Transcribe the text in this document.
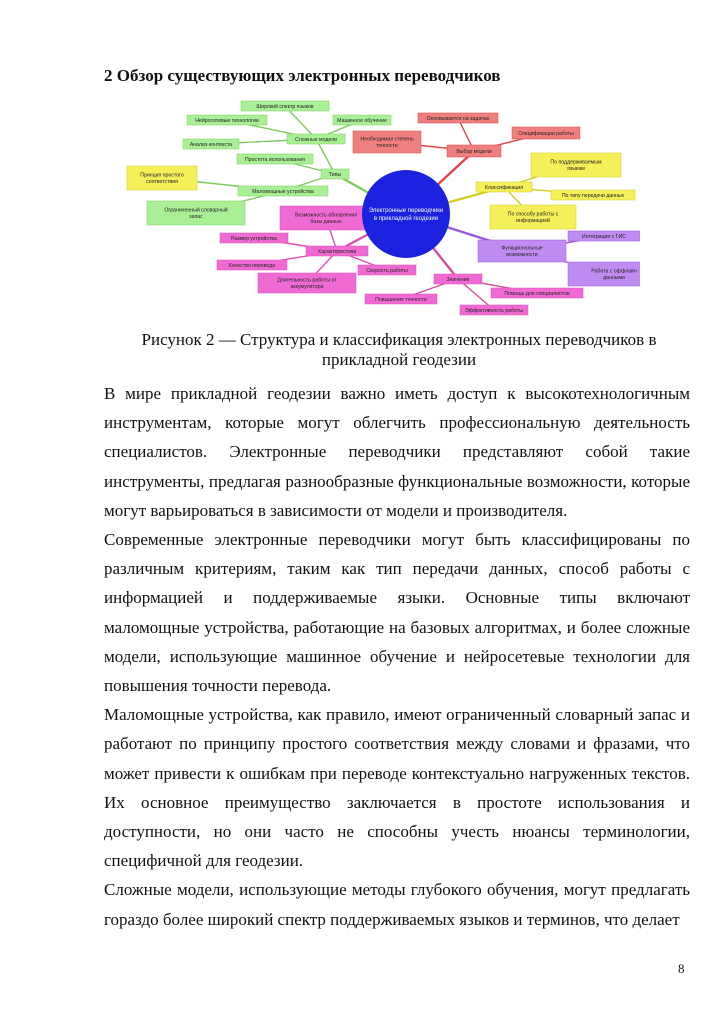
2 Обзор существующих электронных переводчиков
Широкий спектр языков
Машинное обучение
Нейросетевые технологии
Сложные модели
Анализ контекста
Простота использования
Принцип простого
соответствия
Типы
Маломощные устройства
Ограниченный словарный
запас
Основывается на задачах
Спецификации работы
Необходимая степень
точности
Выбор модели
По поддерживаемым
языкам
Классификация
По типу передачи данных
По способу работы с
информацией
Возможность обновления
базы данных
Размер устройства
Характеристики
Качество перевода
Скорость работы
Длительность работы от
аккумулятора
Интеграция с ГИС
Функциональные
возможности
Работа с оффлайн
данными
Значение
Помощь для специалистов
Повышение точности
Эффективность работы
Электронные переводчики
в прикладной геодезии
Рисунок 2 — Структура и классификация электронных переводчиков в
прикладной геодезии

В мире прикладной геодезии важно иметь доступ к высокотехнологичным инструментам, которые могут облегчить профессиональную деятельность специалистов. Электронные переводчики представляют собой такие инструменты, предлагая разнообразные функциональные возможности, которые могут варьироваться в зависимости от модели и производителя.

Современные электронные переводчики могут быть классифицированы по различным критериям, таким как тип передачи данных, способ работы с информацией и поддерживаемые языки. Основные типы включают маломощные устройства, работающие на базовых алгоритмах, и более сложные модели, использующие машинное обучение и нейросетевые технологии для повышения точности перевода.

Маломощные устройства, как правило, имеют ограниченный словарный запас и работают по принципу простого соответствия между словами и фразами, что может привести к ошибкам при переводе контекстуально нагруженных текстов. Их основное преимущество заключается в простоте использования и доступности, но они часто не способны учесть нюансы терминологии, специфичной для геодезии.

Сложные модели, использующие методы глубокого обучения, могут предлагать гораздо более широкий спектр поддерживаемых языков и терминов, что делает

8
